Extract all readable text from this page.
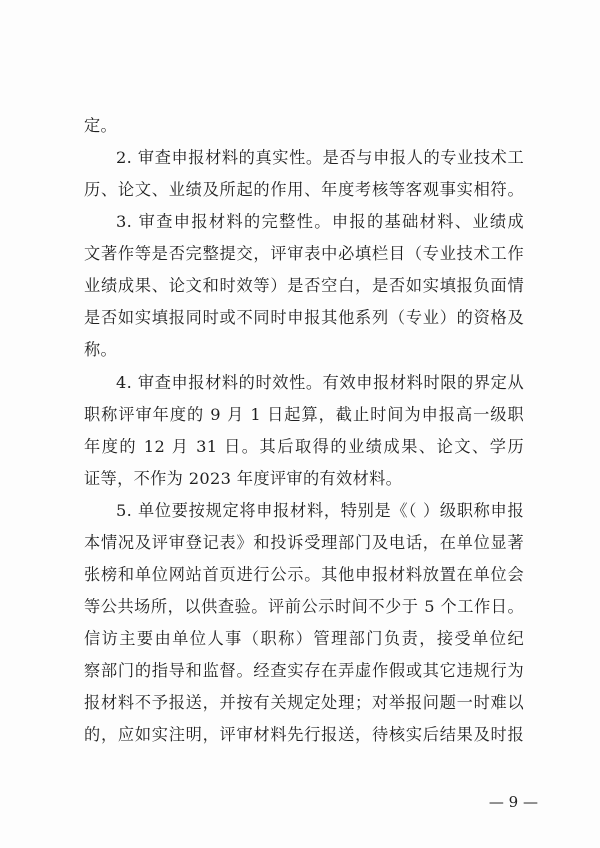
定。
2. 审查申报材料的真实性。是否与申报人的专业技术工
历、论文、业绩及所起的作用、年度考核等客观事实相符。
3. 审查申报材料的完整性。申报的基础材料、业绩成
文著作等是否完整提交，评审表中必填栏目（专业技术工作
业绩成果、论文和时效等）是否空白，是否如实填报负面情
是否如实填报同时或不同时申报其他系列（专业）的资格及
称。
4. 审查申报材料的时效性。有效申报材料时限的界定从
职称评审年度的 9 月 1 日起算，截止时间为申报高一级职
年度的 12 月 31 日。其后取得的业绩成果、论文、学历
证等，不作为 2023 年度评审的有效材料。
5. 单位要按规定将申报材料，特别是《（ ）级职称申报
本情况及评审登记表》和投诉受理部门及电话，在单位显著
张榜和单位网站首页进行公示。其他申报材料放置在单位会
等公共场所，以供查验。评前公示时间不少于 5 个工作日。
信访主要由单位人事（职称）管理部门负责，接受单位纪
察部门的指导和监督。经查实存在弄虚作假或其它违规行为
报材料不予报送，并按有关规定处理；对举报问题一时难以
的，应如实注明，评审材料先行报送，待核实后结果及时报
— 9 —
